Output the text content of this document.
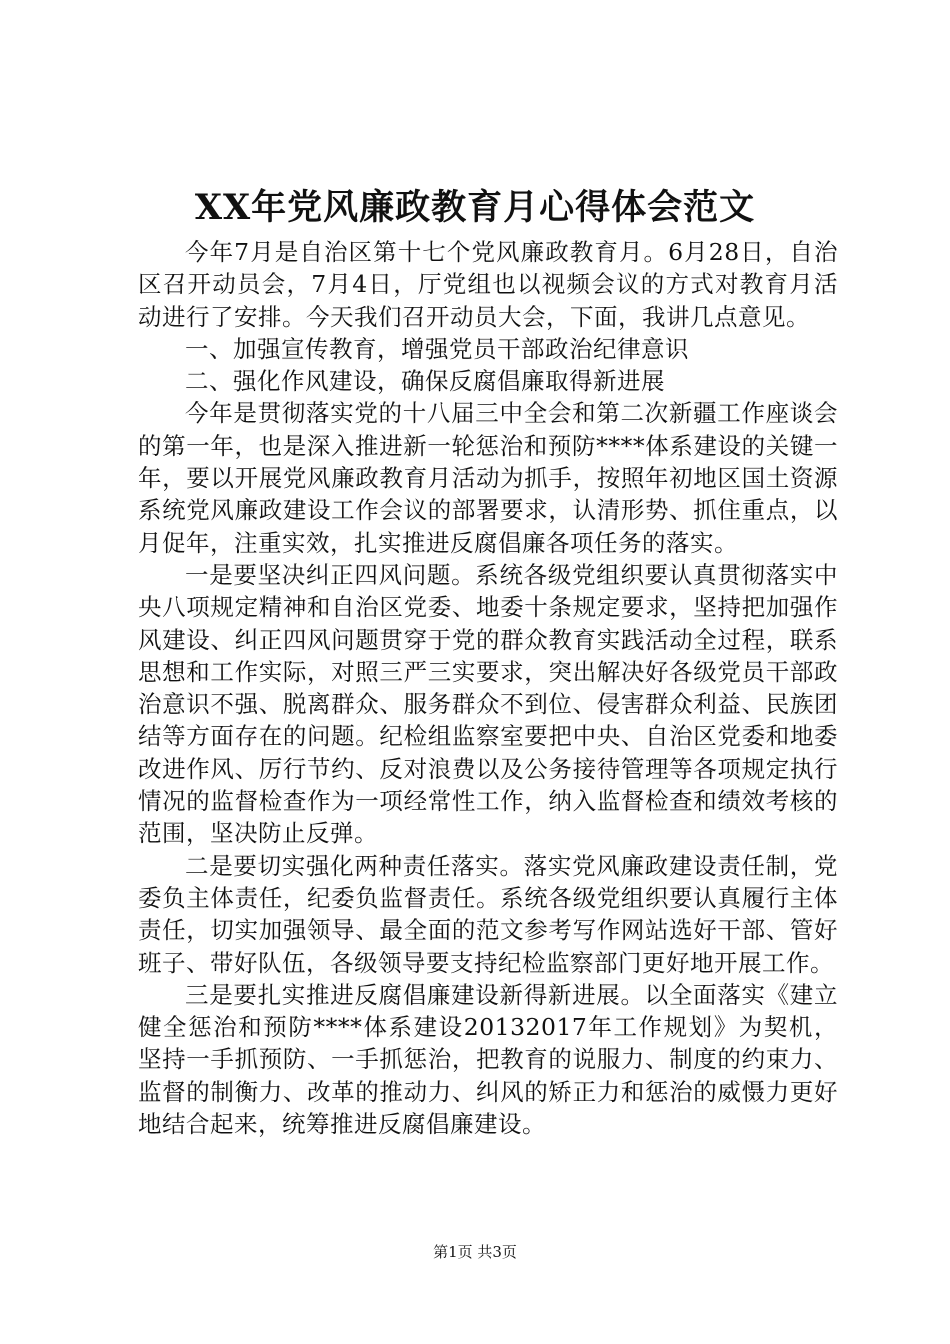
XX年党风廉政教育月心得体会范文

今年7月是自治区第十七个党风廉政教育月。6月28日，自治区召开动员会，7月4日，厅党组也以视频会议的方式对教育月活动进行了安排。今天我们召开动员大会，下面，我讲几点意见。

一、加强宣传教育，增强党员干部政治纪律意识

二、强化作风建设，确保反腐倡廉取得新进展

今年是贯彻落实党的十八届三中全会和第二次新疆工作座谈会的第一年，也是深入推进新一轮惩治和预防****体系建设的关键一年，要以开展党风廉政教育月活动为抓手，按照年初地区国土资源系统党风廉政建设工作会议的部署要求，认清形势、抓住重点，以月促年，注重实效，扎实推进反腐倡廉各项任务的落实。

一是要坚决纠正四风问题。系统各级党组织要认真贯彻落实中央八项规定精神和自治区党委、地委十条规定要求，坚持把加强作风建设、纠正四风问题贯穿于党的群众教育实践活动全过程，联系思想和工作实际，对照三严三实要求，突出解决好各级党员干部政治意识不强、脱离群众、服务群众不到位、侵害群众利益、民族团结等方面存在的问题。纪检组监察室要把中央、自治区党委和地委改进作风、厉行节约、反对浪费以及公务接待管理等各项规定执行情况的监督检查作为一项经常性工作，纳入监督检查和绩效考核的范围，坚决防止反弹。

二是要切实强化两种责任落实。落实党风廉政建设责任制，党委负主体责任，纪委负监督责任。系统各级党组织要认真履行主体责任，切实加强领导、最全面的范文参考写作网站选好干部、管好班子、带好队伍，各级领导要支持纪检监察部门更好地开展工作。

三是要扎实推进反腐倡廉建设新得新进展。以全面落实《建立健全惩治和预防****体系建设20132017年工作规划》为契机，坚持一手抓预防、一手抓惩治，把教育的说服力、制度的约束力、监督的制衡力、改革的推动力、纠风的矫正力和惩治的威慑力更好地结合起来，统筹推进反腐倡廉建设。

第1页 共3页
